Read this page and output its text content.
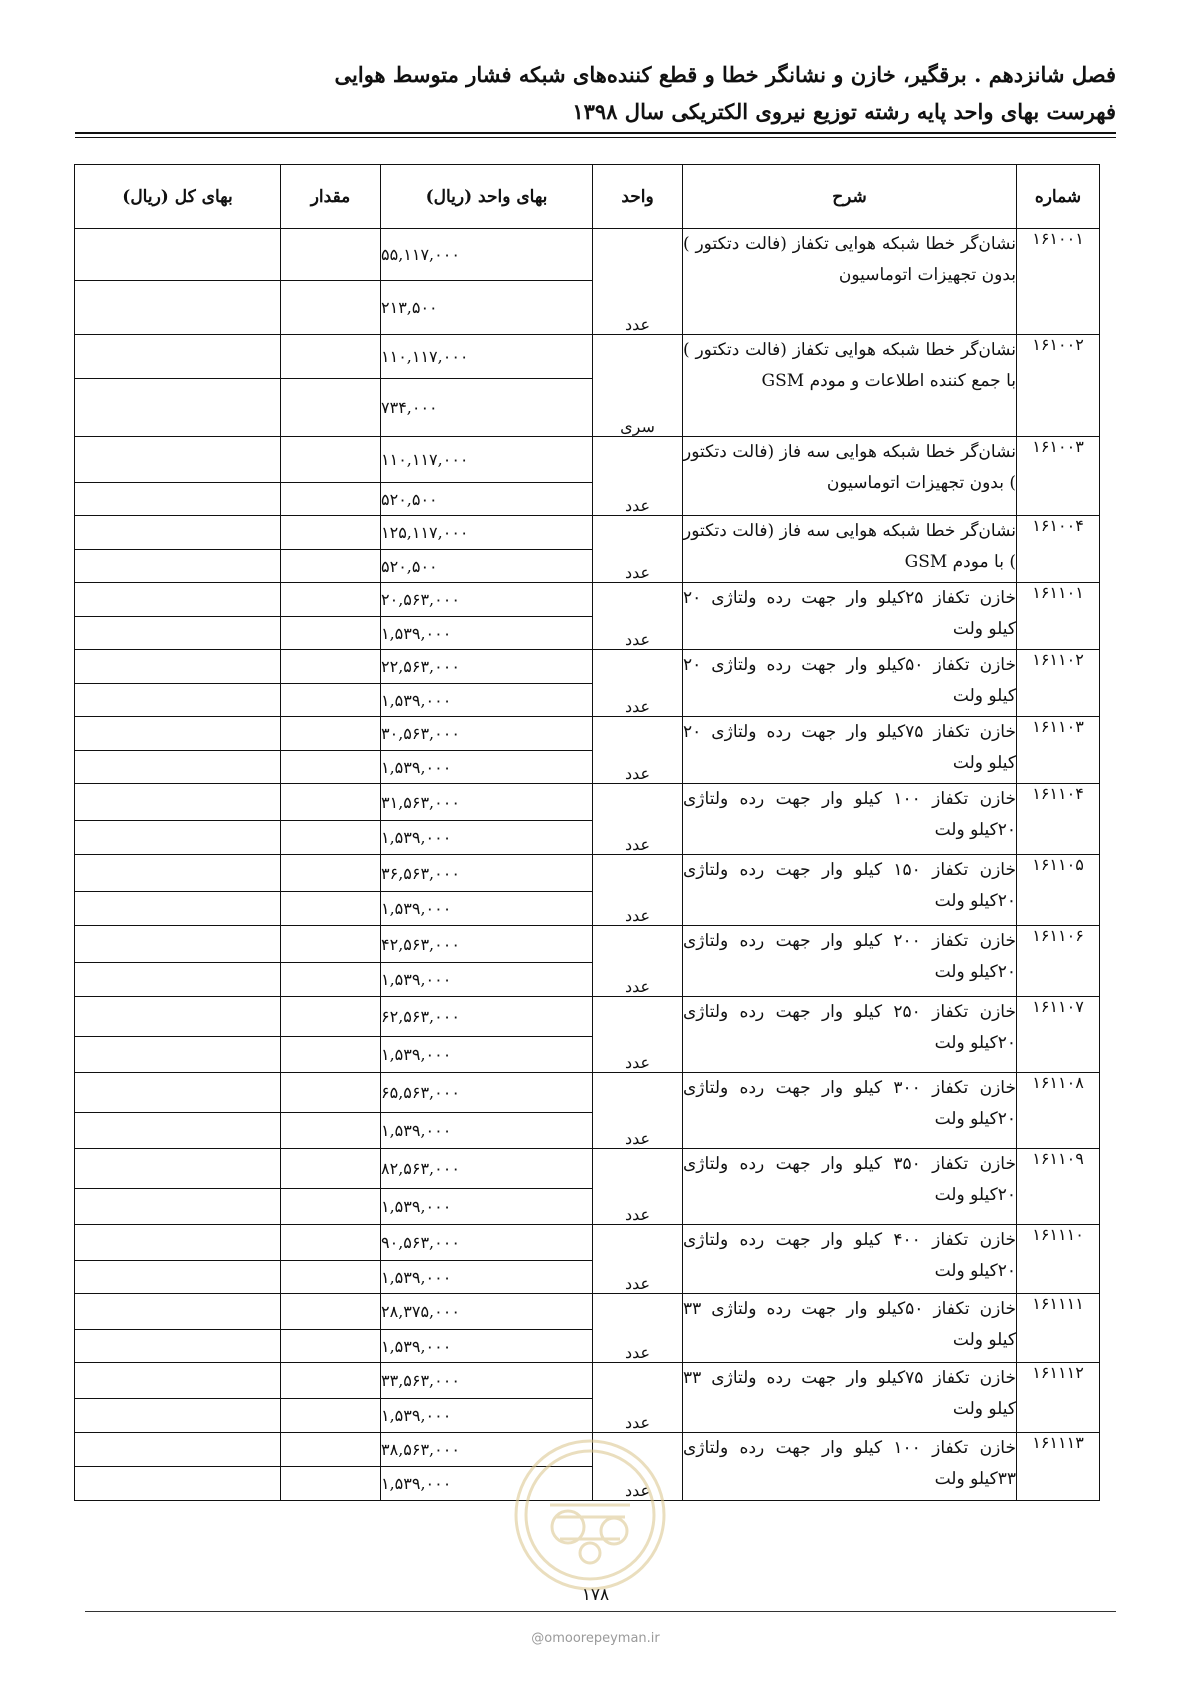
فصل شانزدهم . برقگیر، خازن و نشانگر خطا و قطع کننده‌های شبکه فشار متوسط هوایی
فهرست بهای واحد پایه رشته توزیع نیروی الکتریکی سال ۱۳۹۸
شماره	شرح	واحد	بهای واحد (ریال)	مقدار	بهای کل (ریال)
۱۶۱۰۰۱	نشان‌گر خطا شبکه هوایی تکفاز (فالت دتکتور ) بدون تجهیزات اتوماسیون	عدد	۵۵,۱۱۷,۰۰۰		
			۲۱۳,۵۰۰		
۱۶۱۰۰۲	نشان‌گر خطا شبکه هوایی تکفاز (فالت دتکتور ) با جمع کننده اطلاعات و مودم GSM	سری	۱۱۰,۱۱۷,۰۰۰		
			۷۳۴,۰۰۰		
۱۶۱۰۰۳	نشان‌گر خطا شبکه هوایی سه فاز (فالت دتکتور ) بدون تجهیزات اتوماسیون	عدد	۱۱۰,۱۱۷,۰۰۰		
			۵۲۰,۵۰۰		
۱۶۱۰۰۴	نشان‌گر خطا شبکه هوایی سه فاز (فالت دتکتور ) با مودم GSM	عدد	۱۲۵,۱۱۷,۰۰۰		
			۵۲۰,۵۰۰		
۱۶۱۱۰۱	خازن تکفاز ۲۵کیلو وار جهت رده ولتاژی ۲۰ کیلو ولت	عدد	۲۰,۵۶۳,۰۰۰		
			۱,۵۳۹,۰۰۰		
۱۶۱۱۰۲	خازن تکفاز ۵۰کیلو وار جهت رده ولتاژی ۲۰ کیلو ولت	عدد	۲۲,۵۶۳,۰۰۰		
			۱,۵۳۹,۰۰۰		
۱۶۱۱۰۳	خازن تکفاز ۷۵کیلو وار جهت رده ولتاژی ۲۰ کیلو ولت	عدد	۳۰,۵۶۳,۰۰۰		
			۱,۵۳۹,۰۰۰		
۱۶۱۱۰۴	خازن تکفاز ۱۰۰ کیلو وار جهت رده ولتاژی ۲۰کیلو ولت	عدد	۳۱,۵۶۳,۰۰۰		
			۱,۵۳۹,۰۰۰		
۱۶۱۱۰۵	خازن تکفاز ۱۵۰ کیلو وار جهت رده ولتاژی ۲۰کیلو ولت	عدد	۳۶,۵۶۳,۰۰۰		
			۱,۵۳۹,۰۰۰		
۱۶۱۱۰۶	خازن تکفاز ۲۰۰ کیلو وار جهت رده ولتاژی ۲۰کیلو ولت	عدد	۴۲,۵۶۳,۰۰۰		
			۱,۵۳۹,۰۰۰		
۱۶۱۱۰۷	خازن تکفاز ۲۵۰ کیلو وار جهت رده ولتاژی ۲۰کیلو ولت	عدد	۶۲,۵۶۳,۰۰۰		
			۱,۵۳۹,۰۰۰		
۱۶۱۱۰۸	خازن تکفاز ۳۰۰ کیلو وار جهت رده ولتاژی ۲۰کیلو ولت	عدد	۶۵,۵۶۳,۰۰۰		
			۱,۵۳۹,۰۰۰		
۱۶۱۱۰۹	خازن تکفاز ۳۵۰ کیلو وار جهت رده ولتاژی ۲۰کیلو ولت	عدد	۸۲,۵۶۳,۰۰۰		
			۱,۵۳۹,۰۰۰		
۱۶۱۱۱۰	خازن تکفاز ۴۰۰ کیلو وار جهت رده ولتاژی ۲۰کیلو ولت	عدد	۹۰,۵۶۳,۰۰۰		
			۱,۵۳۹,۰۰۰		
۱۶۱۱۱۱	خازن تکفاز ۵۰کیلو وار جهت رده ولتاژی ۳۳ کیلو ولت	عدد	۲۸,۳۷۵,۰۰۰		
			۱,۵۳۹,۰۰۰		
۱۶۱۱۱۲	خازن تکفاز ۷۵کیلو وار جهت رده ولتاژی ۳۳ کیلو ولت	عدد	۳۳,۵۶۳,۰۰۰		
			۱,۵۳۹,۰۰۰		
۱۶۱۱۱۳	خازن تکفاز ۱۰۰ کیلو وار جهت رده ولتاژی ۳۳کیلو ولت	عدد	۳۸,۵۶۳,۰۰۰		
			۱,۵۳۹,۰۰۰		
۱۷۸
@omoorepeyman.ir
